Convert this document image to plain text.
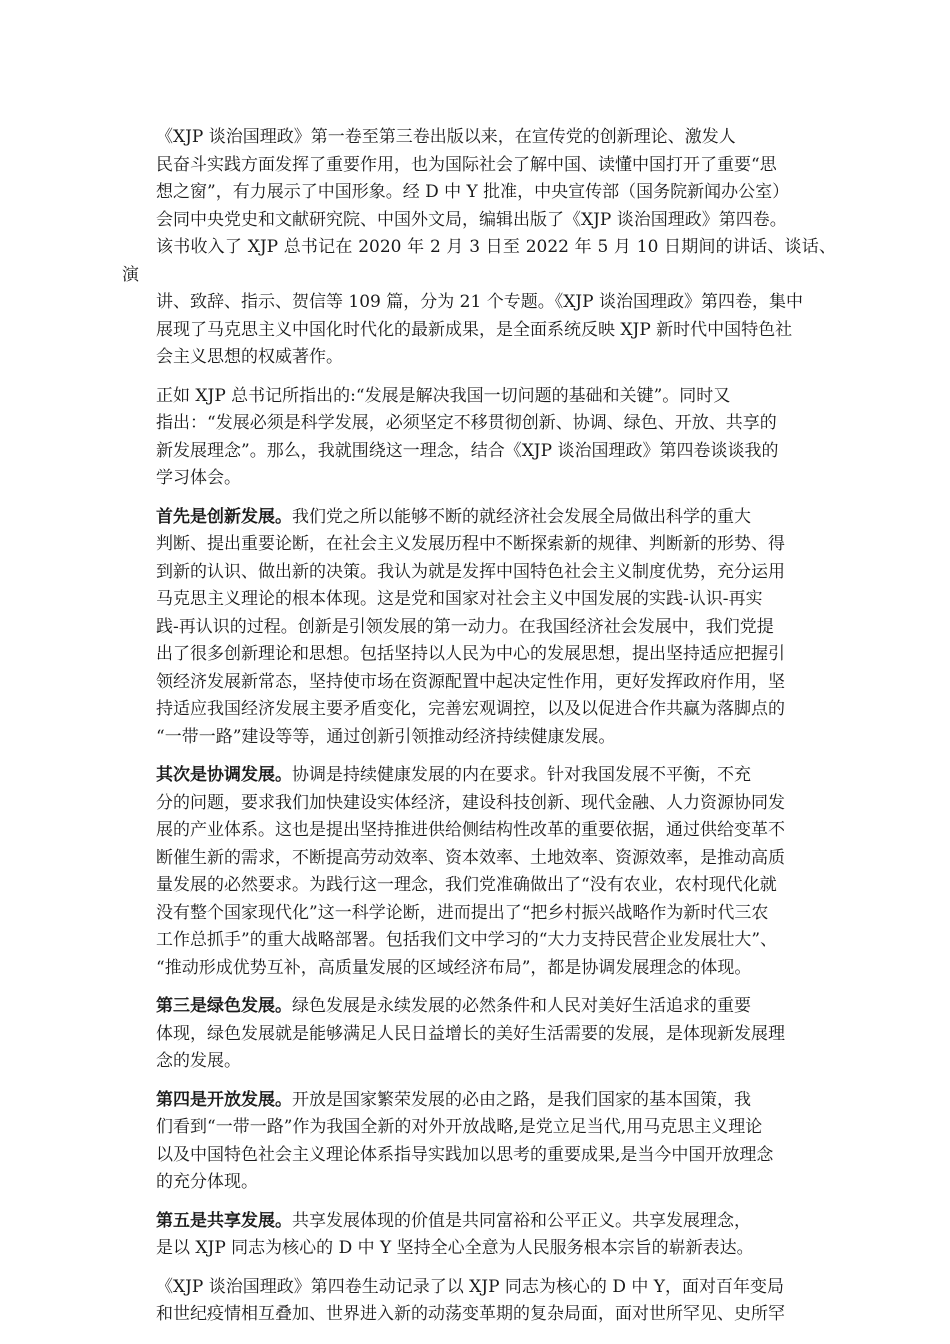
《XJP 谈治国理政》第一卷至第三卷出版以来，在宣传党的创新理论、激发人
民奋斗实践方面发挥了重要作用，也为国际社会了解中国、读懂中国打开了重要“思
想之窗”，有力展示了中国形象。经 D 中 Y 批准，中央宣传部（国务院新闻办公室）
会同中央党史和文献研究院、中国外文局，编辑出版了《XJP 谈治国理政》第四卷。
该书收入了 XJP 总书记在 2020 年 2 月 3 日至 2022 年 5 月 10 日期间的讲话、谈话、演
讲、致辞、指示、贺信等 109 篇，分为 21 个专题。《XJP 谈治国理政》第四卷，集中
展现了马克思主义中国化时代化的最新成果，是全面系统反映 XJP 新时代中国特色社
会主义思想的权威著作。
正如 XJP 总书记所指出的:“发展是解决我国一切问题的基础和关键”。同时又
指出：“发展必须是科学发展，必须坚定不移贯彻创新、协调、绿色、开放、共享的
新发展理念”。那么，我就围绕这一理念，结合《XJP 谈治国理政》第四卷谈谈我的
学习体会。
首先是创新发展。我们党之所以能够不断的就经济社会发展全局做出科学的重大
判断、提出重要论断，在社会主义发展历程中不断探索新的规律、判断新的形势、得
到新的认识、做出新的决策。我认为就是发挥中国特色社会主义制度优势，充分运用
马克思主义理论的根本体现。这是党和国家对社会主义中国发展的实践-认识-再实
践-再认识的过程。创新是引领发展的第一动力。在我国经济社会发展中，我们党提
出了很多创新理论和思想。包括坚持以人民为中心的发展思想，提出坚持适应把握引
领经济发展新常态，坚持使市场在资源配置中起决定性作用，更好发挥政府作用，坚
持适应我国经济发展主要矛盾变化，完善宏观调控，以及以促进合作共赢为落脚点的
“一带一路”建设等等，通过创新引领推动经济持续健康发展。
其次是协调发展。协调是持续健康发展的内在要求。针对我国发展不平衡，不充
分的问题，要求我们加快建设实体经济，建设科技创新、现代金融、人力资源协同发
展的产业体系。这也是提出坚持推进供给侧结构性改革的重要依据，通过供给变革不
断催生新的需求，不断提高劳动效率、资本效率、土地效率、资源效率，是推动高质
量发展的必然要求。为践行这一理念，我们党准确做出了“没有农业，农村现代化就
没有整个国家现代化”这一科学论断，进而提出了“把乡村振兴战略作为新时代三农
工作总抓手”的重大战略部署。包括我们文中学习的“大力支持民营企业发展壮大”、
“推动形成优势互补，高质量发展的区域经济布局”，都是协调发展理念的体现。
第三是绿色发展。绿色发展是永续发展的必然条件和人民对美好生活追求的重要
体现，绿色发展就是能够满足人民日益增长的美好生活需要的发展，是体现新发展理
念的发展。
第四是开放发展。开放是国家繁荣发展的必由之路，是我们国家的基本国策，我
们看到“一带一路”作为我国全新的对外开放战略,是党立足当代,用马克思主义理论
以及中国特色社会主义理论体系指导实践加以思考的重要成果,是当今中国开放理念
的充分体现。
第五是共享发展。共享发展体现的价值是共同富裕和公平正义。共享发展理念，
是以 XJP 同志为核心的 D 中 Y 坚持全心全意为人民服务根本宗旨的崭新表达。
《XJP 谈治国理政》第四卷生动记录了以 XJP 同志为核心的 D 中 Y，面对百年变局
和世纪疫情相互叠加、世界进入新的动荡变革期的复杂局面，面对世所罕见、史所罕
